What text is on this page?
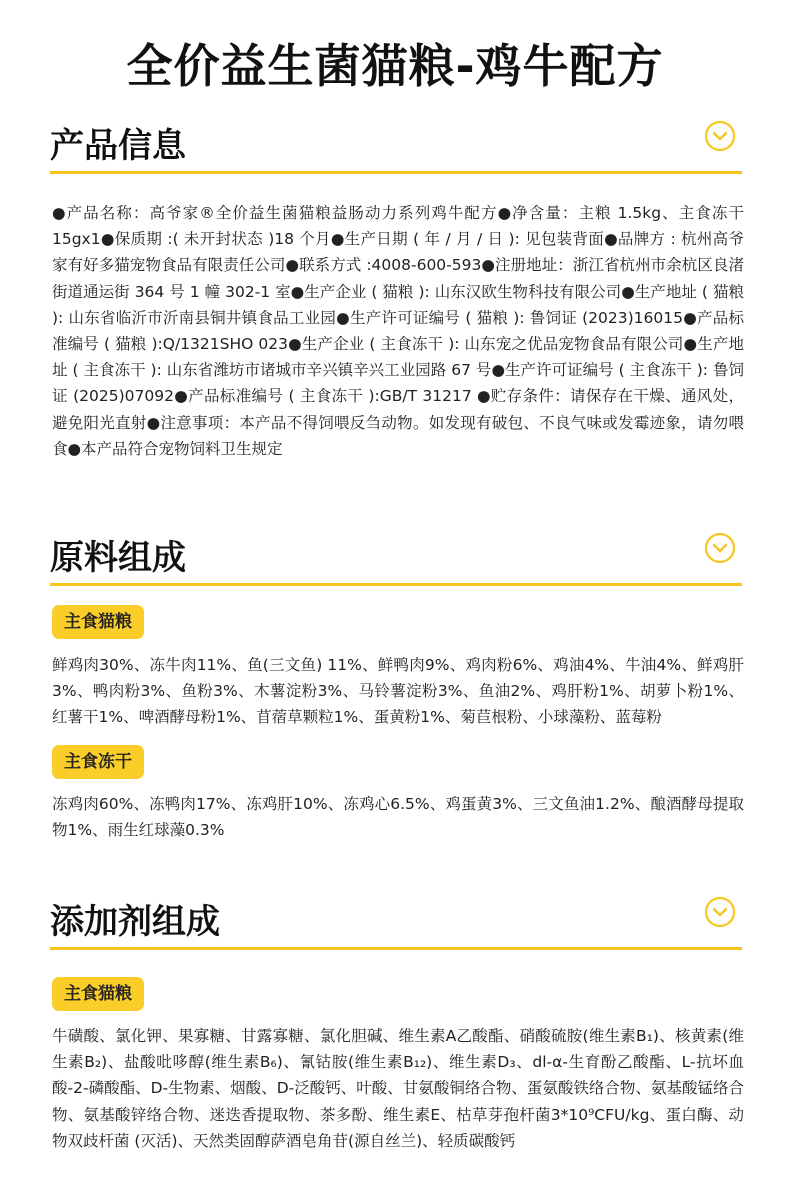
全价益生菌猫粮-鸡牛配方
产品信息
●产品名称：高爷家®全价益生菌猫粮益肠动力系列鸡牛配方●净含量：主粮 1.5kg、主食冻干 15gx1●保质期 :( 未开封状态 )18 个月●生产日期 ( 年 / 月 / 日 ): 见包装背面●品牌方 : 杭州高爷家有好多猫宠物食品有限责任公司●联系方式 :4008-600-593●注册地址：浙江省杭州市余杭区良渚街道通运街 364 号 1 幢 302-1 室●生产企业 ( 猫粮 ): 山东汉欧生物科技有限公司●生产地址 ( 猫粮 ): 山东省临沂市沂南县铜井镇食品工业园●生产许可证编号 ( 猫粮 ): 鲁饲证 (2023)16015●产品标准编号 ( 猫粮 ):Q/1321SHO 023●生产企业 ( 主食冻干 ): 山东宠之优品宠物食品有限公司●生产地址 ( 主食冻干 ): 山东省潍坊市诸城市辛兴镇辛兴工业园路 67 号●生产许可证编号 ( 主食冻干 ): 鲁饲证 (2025)07092●产品标准编号 ( 主食冻干 ):GB/T 31217 ●贮存条件：请保存在干燥、通风处，避免阳光直射●注意事项：本产品不得饲喂反刍动物。如发现有破包、不良气味或发霉迹象，请勿喂食●本产品符合宠物饲料卫生规定
原料组成
主食猫粮
鲜鸡肉30%、冻牛肉11%、鱼(三文鱼) 11%、鲜鸭肉9%、鸡肉粉6%、鸡油4%、牛油4%、鲜鸡肝3%、鸭肉粉3%、鱼粉3%、木薯淀粉3%、马铃薯淀粉3%、鱼油2%、鸡肝粉1%、胡萝卜粉1%、红薯干1%、啤酒酵母粉1%、苜蓿草颗粒1%、蛋黄粉1%、菊苣根粉、小球藻粉、蓝莓粉
主食冻干
冻鸡肉60%、冻鸭肉17%、冻鸡肝10%、冻鸡心6.5%、鸡蛋黄3%、三文鱼油1.2%、酿酒酵母提取物1%、雨生红球藻0.3%
添加剂组成
主食猫粮
牛磺酸、氯化钾、果寡糖、甘露寡糖、氯化胆碱、维生素A乙酸酯、硝酸硫胺(维生素B₁)、核黄素(维生素B₂)、盐酸吡哆醇(维生素B₆)、氰钴胺(维生素B₁₂)、维生素D₃、dl-α-生育酚乙酸酯、L-抗坏血酸-2-磷酸酯、D-生物素、烟酸、D-泛酸钙、叶酸、甘氨酸铜络合物、蛋氨酸铁络合物、氨基酸锰络合物、氨基酸锌络合物、迷迭香提取物、茶多酚、维生素E、枯草芽孢杆菌3*10⁹CFU/kg、蛋白酶、动物双歧杆菌 (灭活)、天然类固醇萨酒皂角苷(源自丝兰)、轻质碳酸钙
